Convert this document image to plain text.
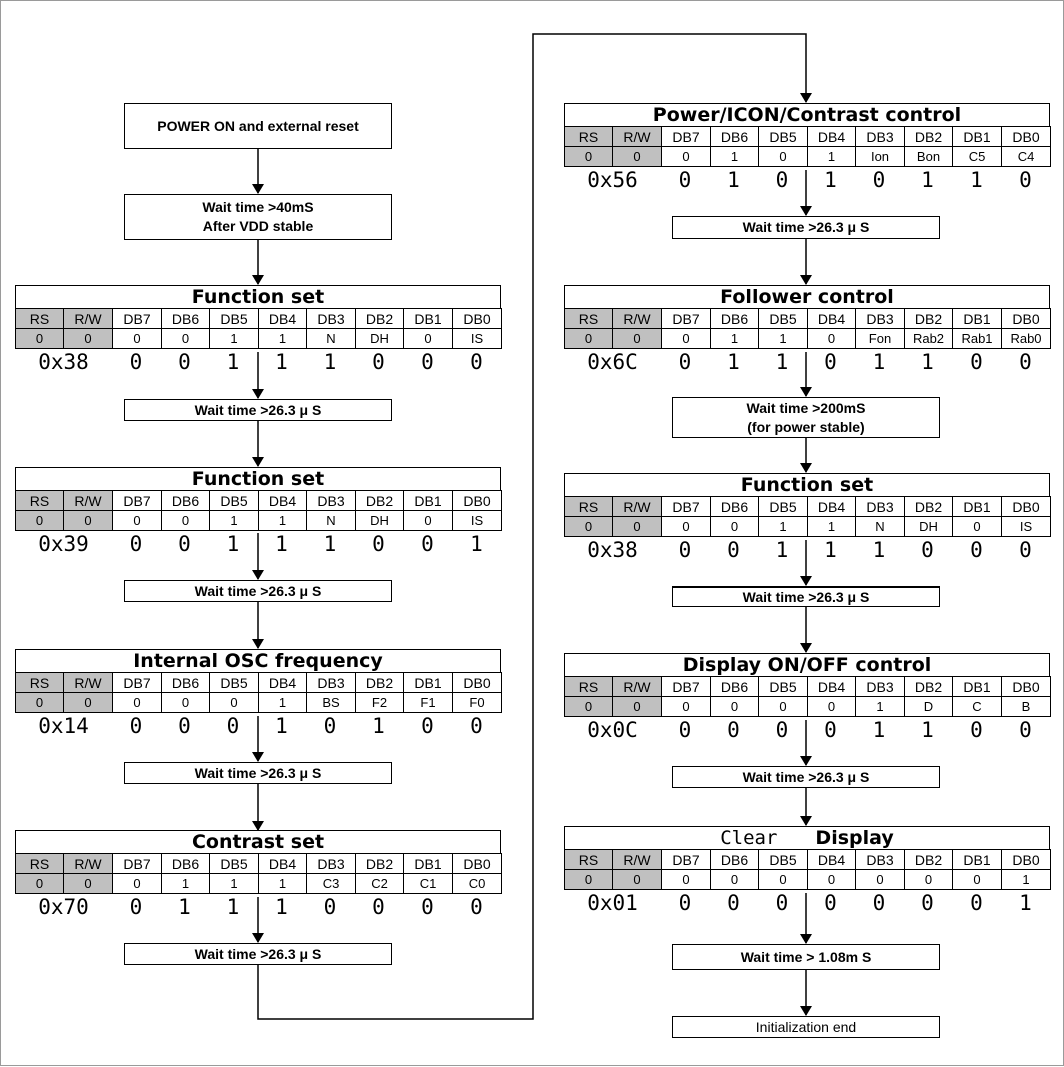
POWER ON and external reset
Wait time >40mS
After VDD stable
Function set
RS	R/W	DB7	DB6	DB5	DB4	DB3	DB2	DB1	DB0
0	0	0	0	1	1	N	DH	0	IS
0x38	0	0	1	1	1	0	0	0
Wait time >26.3 μ S
Function set
RS	R/W	DB7	DB6	DB5	DB4	DB3	DB2	DB1	DB0
0	0	0	0	1	1	N	DH	0	IS
0x39	0	0	1	1	1	0	0	1
Wait time >26.3 μ S
Internal OSC frequency
RS	R/W	DB7	DB6	DB5	DB4	DB3	DB2	DB1	DB0
0	0	0	0	0	1	BS	F2	F1	F0
0x14	0	0	0	1	0	1	0	0
Wait time >26.3 μ S
Contrast set
RS	R/W	DB7	DB6	DB5	DB4	DB3	DB2	DB1	DB0
0	0	0	1	1	1	C3	C2	C1	C0
0x70	0	1	1	1	0	0	0	0
Wait time >26.3 μ S
Power/ICON/Contrast control
RS	R/W	DB7	DB6	DB5	DB4	DB3	DB2	DB1	DB0
0	0	0	1	0	1	Ion	Bon	C5	C4
0x56	0	1	0	1	0	1	1	0
Wait time >26.3 μ S
Follower control
RS	R/W	DB7	DB6	DB5	DB4	DB3	DB2	DB1	DB0
0	0	0	1	1	0	Fon	Rab2	Rab1	Rab0
0x6C	0	1	1	0	1	1	0	0
Wait time >200mS
(for power stable)
Function set
RS	R/W	DB7	DB6	DB5	DB4	DB3	DB2	DB1	DB0
0	0	0	0	1	1	N	DH	0	IS
0x38	0	0	1	1	1	0	0	0
Wait time >26.3 μ S
Display ON/OFF control
RS	R/W	DB7	DB6	DB5	DB4	DB3	DB2	DB1	DB0
0	0	0	0	0	0	1	D	C	B
0x0C	0	0	0	0	1	1	0	0
Wait time >26.3 μ S
Clear Display
RS	R/W	DB7	DB6	DB5	DB4	DB3	DB2	DB1	DB0
0	0	0	0	0	0	0	0	0	1
0x01	0	0	0	0	0	0	0	1
Wait time > 1.08m S
Initialization end
